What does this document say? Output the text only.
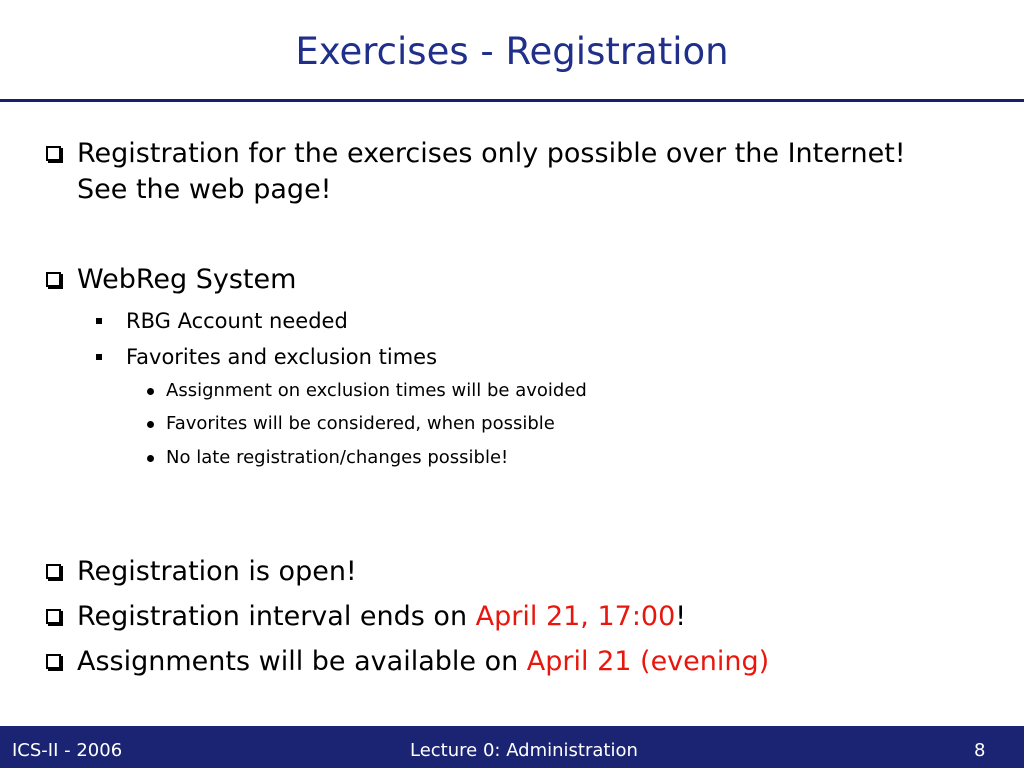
Exercises - Registration
Registration for the exercises only possible over the Internet! See the web page!
WebReg System
RBG Account needed
Favorites and exclusion times
Assignment on exclusion times will be avoided
Favorites will be considered, when possible
No late registration/changes possible!
Registration is open!
Registration interval ends on April 21, 17:00!
Assignments will be available on April 21 (evening)
ICS-II - 2006	Lecture 0: Administration	8
